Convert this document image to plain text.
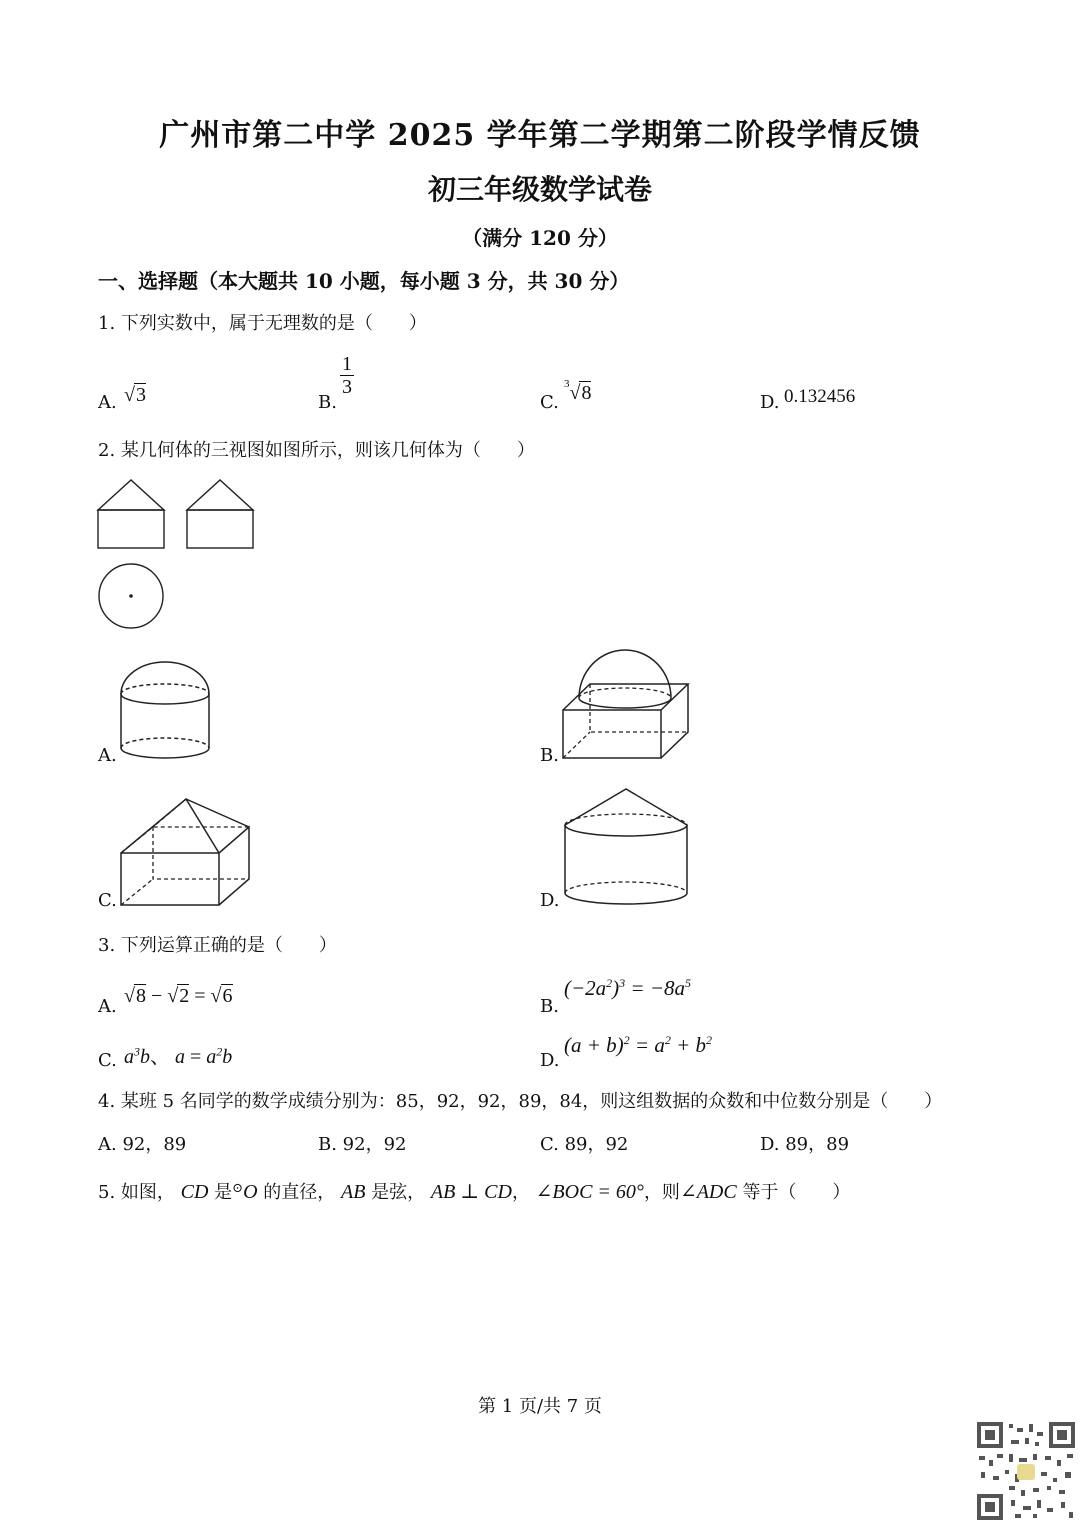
广州市第二中学 2025 学年第二学期第二阶段学情反馈
初三年级数学试卷
（满分 120 分）
一、选择题（本大题共 10 小题，每小题 3 分，共 30 分）
1. 下列实数中，属于无理数的是（　　）
A. √3	B.
$\frac{1}{3}$
C.
$^3$√8	D. 0.132456
2. 某几何体的三视图如图所示，则该几何体为（　　）
A.	B.
C.	D.
3. 下列运算正确的是（　　）
A. √8 − √2 = √6	B.
$(-2a^2)^3 = -8a^5$
C. $a^3b$、 $a = a^2b$	D.
$(a + b)^2 = a^2 + b^2$
4. 某班 5 名同学的数学成绩分别为：85，92，92，89，84，则这组数据的众数和中位数分别是（　　）
A. 92，89	B. 92，92	C. 89，92	D. 89，89
5. 如图， CD 是⊙O 的直径， AB 是弦， AB ⊥ CD， ∠BOC = 60°，则∠ADC 等于（　　）
第 1 页/共 7 页
